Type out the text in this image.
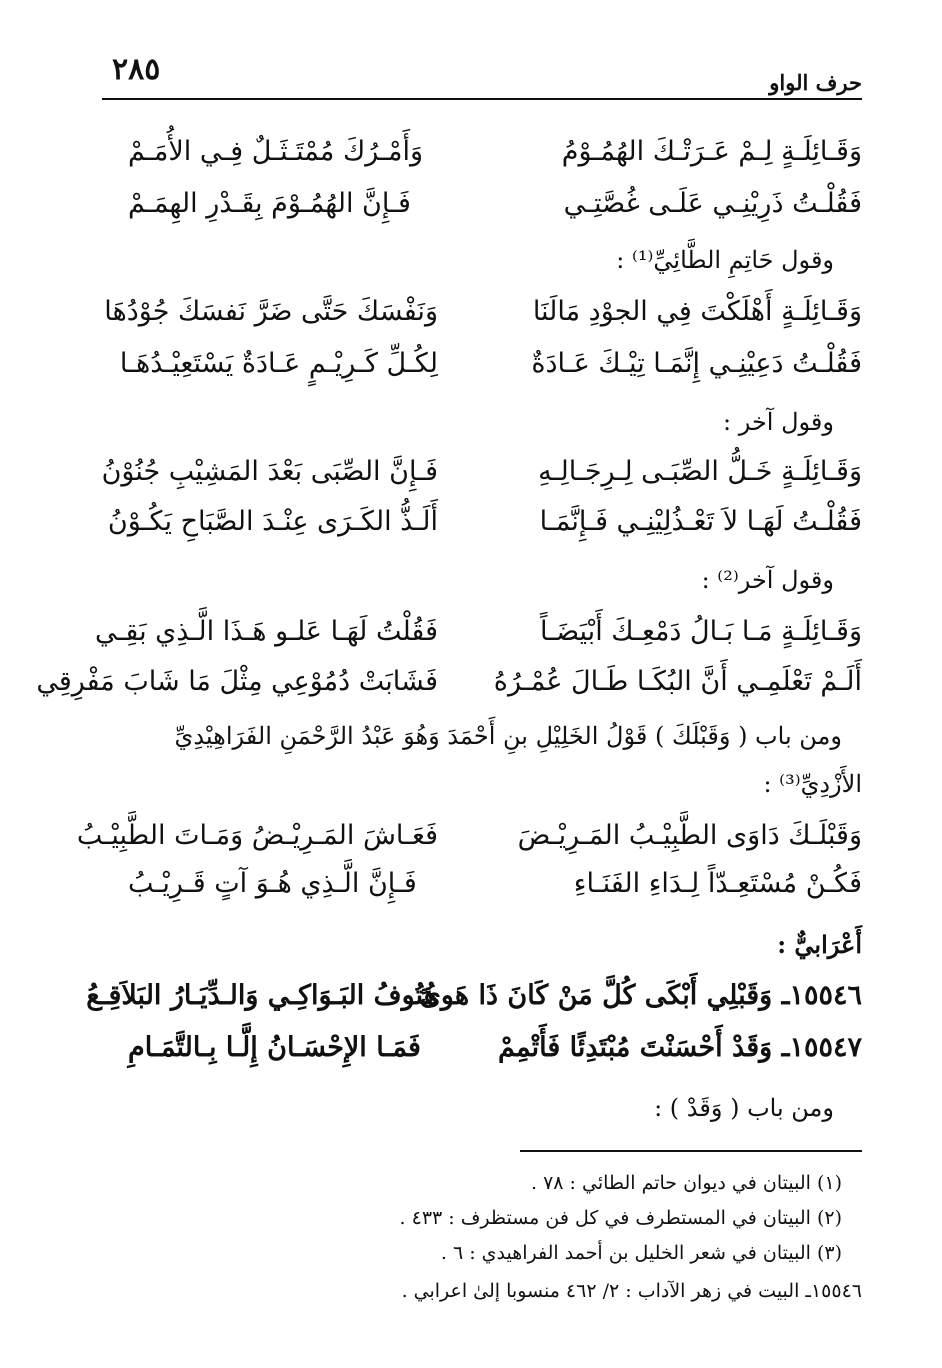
٢٨٥	حرف الواو
وَقَـائِلَـةٍ لِـمْ عَـرَتْـكَ الهُمُـوْمُ
وَأَمْـرُكَ مُمْتَـثَـلٌ فِـي الأُمَـمْ
فَقُلْـتُ ذَرِيْنِـي عَلَـى غُصَّتِـي
فَـإِنَّ الهُمُـوْمَ بِقَـدْرِ الهِمَـمْ
وقول حَاتِمِ الطَّائِيِّ⁽¹⁾ :
وَقَـائِلَـةٍ أَهْلَكْتَ فِي الجوْدِ مَالَنَا
وَنَفْسَكَ حَتَّى ضَرَّ نَفسَكَ جُوْدُهَا
فَقُلْـتُ دَعِيْنِـي إِنَّمَـا تِيْـكَ عَـادَةٌ
لِكُـلِّ كَـرِيْـمٍ عَـادَةٌ يَسْتَعِيْـدُهَـا
وقول آخر :
وَقَـائِلَـةٍ خَـلُّ الصِّبَـى لِـرِجَـالِـهِ
فَـإِنَّ الصِّبَى بَعْدَ المَشِيْبِ جُنُوْنُ
فَقُلْـتُ لَهَـا لاَ تَعْـذُلِيْنِـي فَـإِنَّمَـا
أَلَـذُّ الكَـرَى عِنْـدَ الصَّبَاحِ يَكُـوْنُ
وقول آخر⁽²⁾ :
وَقَـائِلَـةٍ مَـا بَـالُ دَمْعِـكَ أَبْيَضَـاً
فَقُلْتُ لَهَـا عَلـو هَـذَا الَّـذِي بَقِـي
أَلَـمْ تَعْلَمِـي أَنَّ البُكَـا طَـالَ عُمْـرُهُ
فَشَابَتْ دُمُوْعِي مِثْلَ مَا شَابَ مَفْرِقِي
ومن باب ( وَقَبْلَكَ ) قَوْلُ الخَلِيْلِ بنِ أَحْمَدَ وَهُوَ عَبْدُ الرَّحْمَنِ الفَرَاهِيْدِيِّ
الأَزْدِيِّ⁽³⁾ :
وَقَبْلَـكَ دَاوَى الطَّبِيْـبُ المَـرِيْـضَ
فَعَـاشَ المَـرِيْـضُ وَمَـاتَ الطَّبِيْـبُ
فَكُـنْ مُسْتَعِـدّاً لِـدَاءِ الفَنَـاءِ
فَـإِنَّ الَّـذِي هُـوَ آتٍ قَـرِيْـبُ
أَعْرَابيٌّ :
١٥٥٤٦ـ وَقَبْلِي أَبْكَى كُلَّ مَنْ كَانَ ذَا هَوىً
هُتُوفُ البَـوَاكِـي وَالـدِّيَـارُ البَلاَقِـعُ
١٥٥٤٧ـ وَقَدْ أَحْسَنْتَ مُبْتَدِئًا فَأَتْمِمْ
فَمَـا الإِحْسَـانُ إِلَّـا بِـالتَّمَـامِ
ومن باب ( وَقَدْ ) :
(١) البيتان في ديوان حاتم الطائي : ٧٨ .
(٢) البيتان في المستطرف في كل فن مستظرف : ٤٣٣ .
(٣) البيتان في شعر الخليل بن أحمد الفراهيدي : ٦ .
١٥٥٤٦ـ البيت في زهر الآداب : ٢/ ٤٦٢ منسوبا إلىٰ اعرابي .
